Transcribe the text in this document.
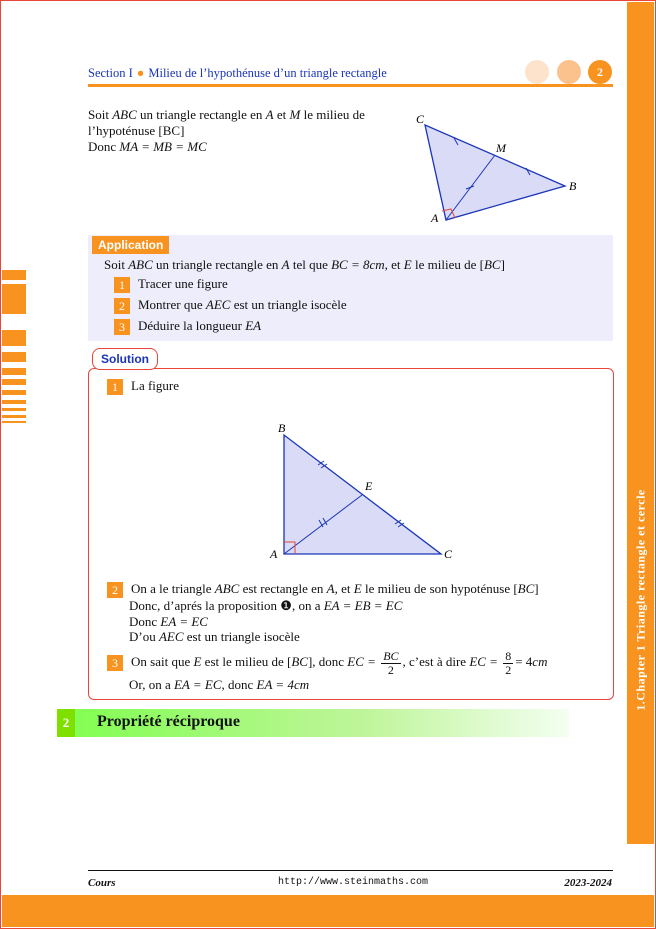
1.Chapter 1 Triangle rectangle et cercle
Section I ● Milieu de l’hypothénuse d’un triangle rectangle	2
Soit ABC un triangle rectangle en A et M le milieu de
l’hypoténuse [BC]
Donc MA = MB = MC
C
M
B
A
Application
Soit ABC un triangle rectangle en A tel que BC = 8cm, et E le milieu de [BC]
1 Tracer une figure
2 Montrer que AEC est un triangle isocèle
3 Déduire la longueur EA
Solution
1 La figure
B
E
A	C
2 On a le triangle ABC est rectangle en A, et E le milieu de son hypoténuse [BC]
Donc, d’aprés la proposition ❶, on a EA = EB = EC
Donc EA = EC
D’ou AEC est un triangle isocèle
3 On sait que E est le milieu de [BC], donc EC = $\frac{BC}{2}$ , c’est à dire EC = $\frac{8}{2} = 4cm$
Or, on a EA = EC, donc EA = 4cm
2	Propriété réciproque
Cours	http://www.steinmaths.com	2023-2024
